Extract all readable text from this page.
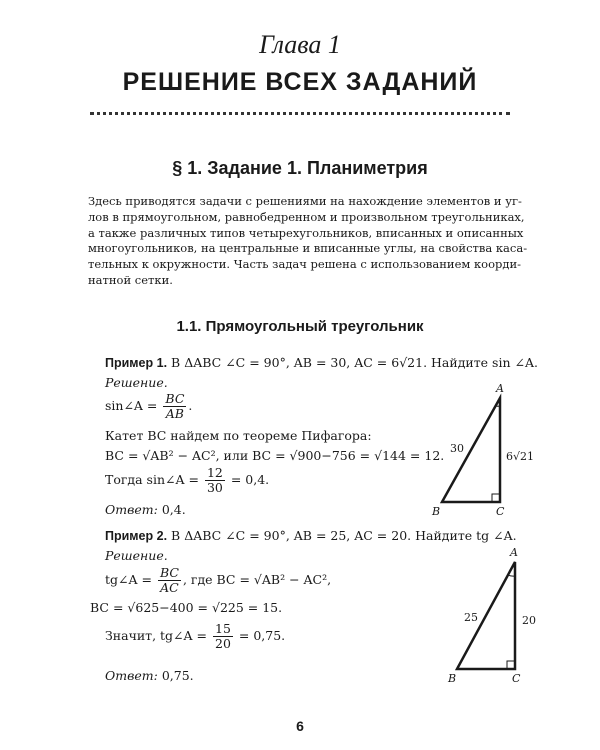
Глава 1
РЕШЕНИЕ ВСЕХ ЗАДАНИЙ
§ 1. Задание 1. Планиметрия
Здесь приводятся задачи с решениями на нахождение элементов и уг-
лов в прямоугольном, равнобедренном и произвольном треугольниках,
а также различных типов четырехугольников, вписанных и описанных
многоугольников, на центральные и вписанные углы, на свойства каса-
тельных к окружности. Часть задач решена с использованием коорди-
натной сетки.
1.1. Прямоугольный треугольник
Пример 1. В ΔABC ∠C = 90°, AB = 30, AC = 6√21. Найдите sin ∠A.
Решение.
sin∠A = $\frac{BC}{AB}$ .
Катет BC найдем по теореме Пифагора:
BC = √AB² − AC², или BC = √900−756 = √144 = 12.
Тогда sin∠A = $\frac{12}{30} = 0,4$.
Ответ: 0,4.
A
B	C
30
6√21
Пример 2. В ΔABC ∠C = 90°, AB = 25, AC = 20. Найдите tg ∠A.
Решение.
tg∠A = $\frac{BC}{AC}$ , где BC = √AB² − AC²,
BC = √625−400 = √225 = 15.
Значит, tg∠A = $\frac{15}{20} = 0,75$.
Ответ: 0,75.
A
B	C
25	20
6
